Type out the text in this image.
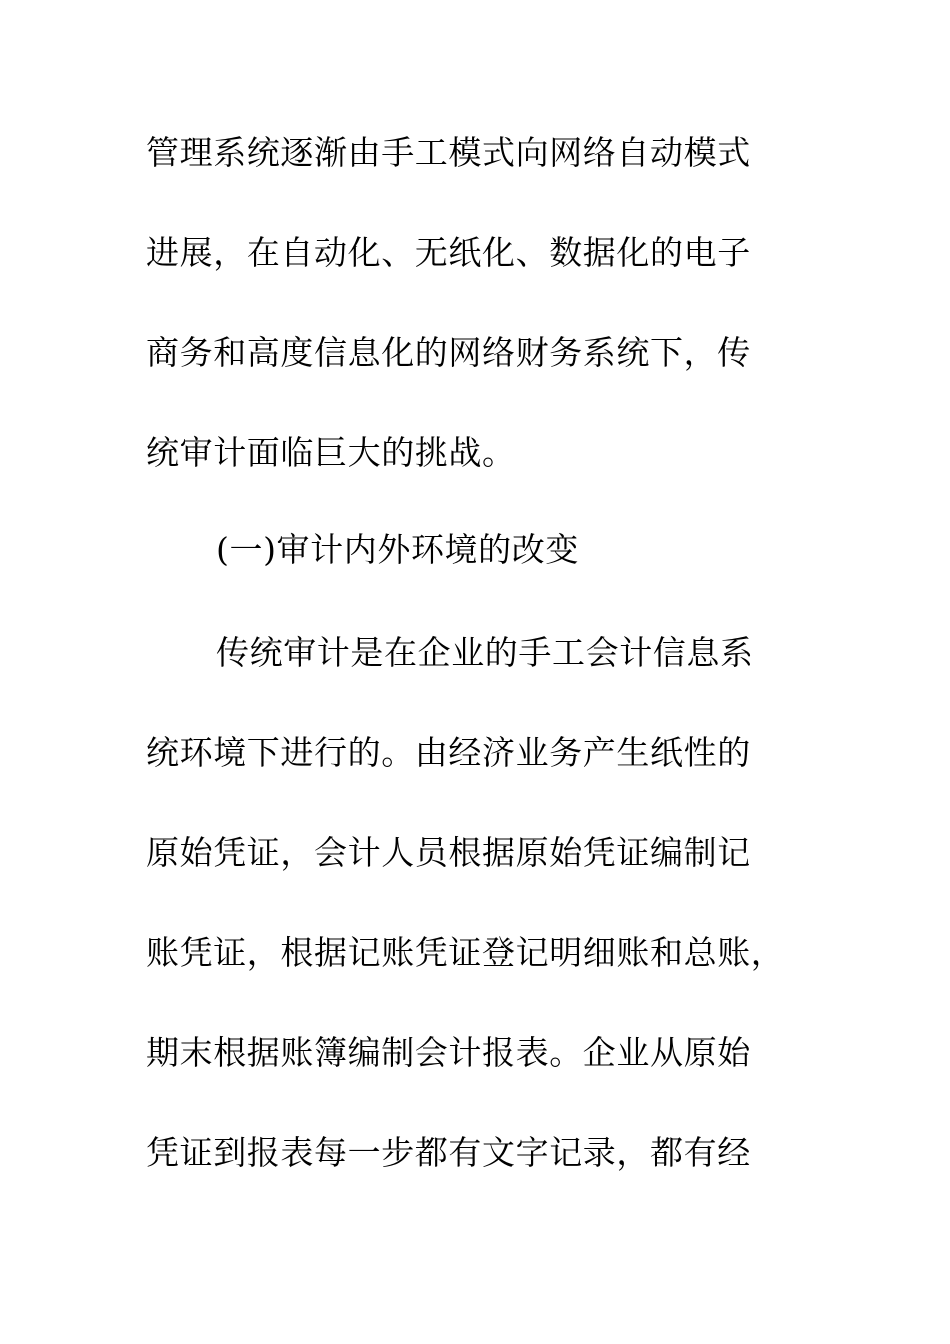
管理系统逐渐由手工模式向网络自动模式
进展，在自动化、无纸化、数据化的电子
商务和高度信息化的网络财务系统下，传
统审计面临巨大的挑战。
(一)审计内外环境的改变
传统审计是在企业的手工会计信息系
统环境下进行的。由经济业务产生纸性的
原始凭证，会计人员根据原始凭证编制记
账凭证，根据记账凭证登记明细账和总账，
期末根据账簿编制会计报表。企业从原始
凭证到报表每一步都有文字记录，都有经
